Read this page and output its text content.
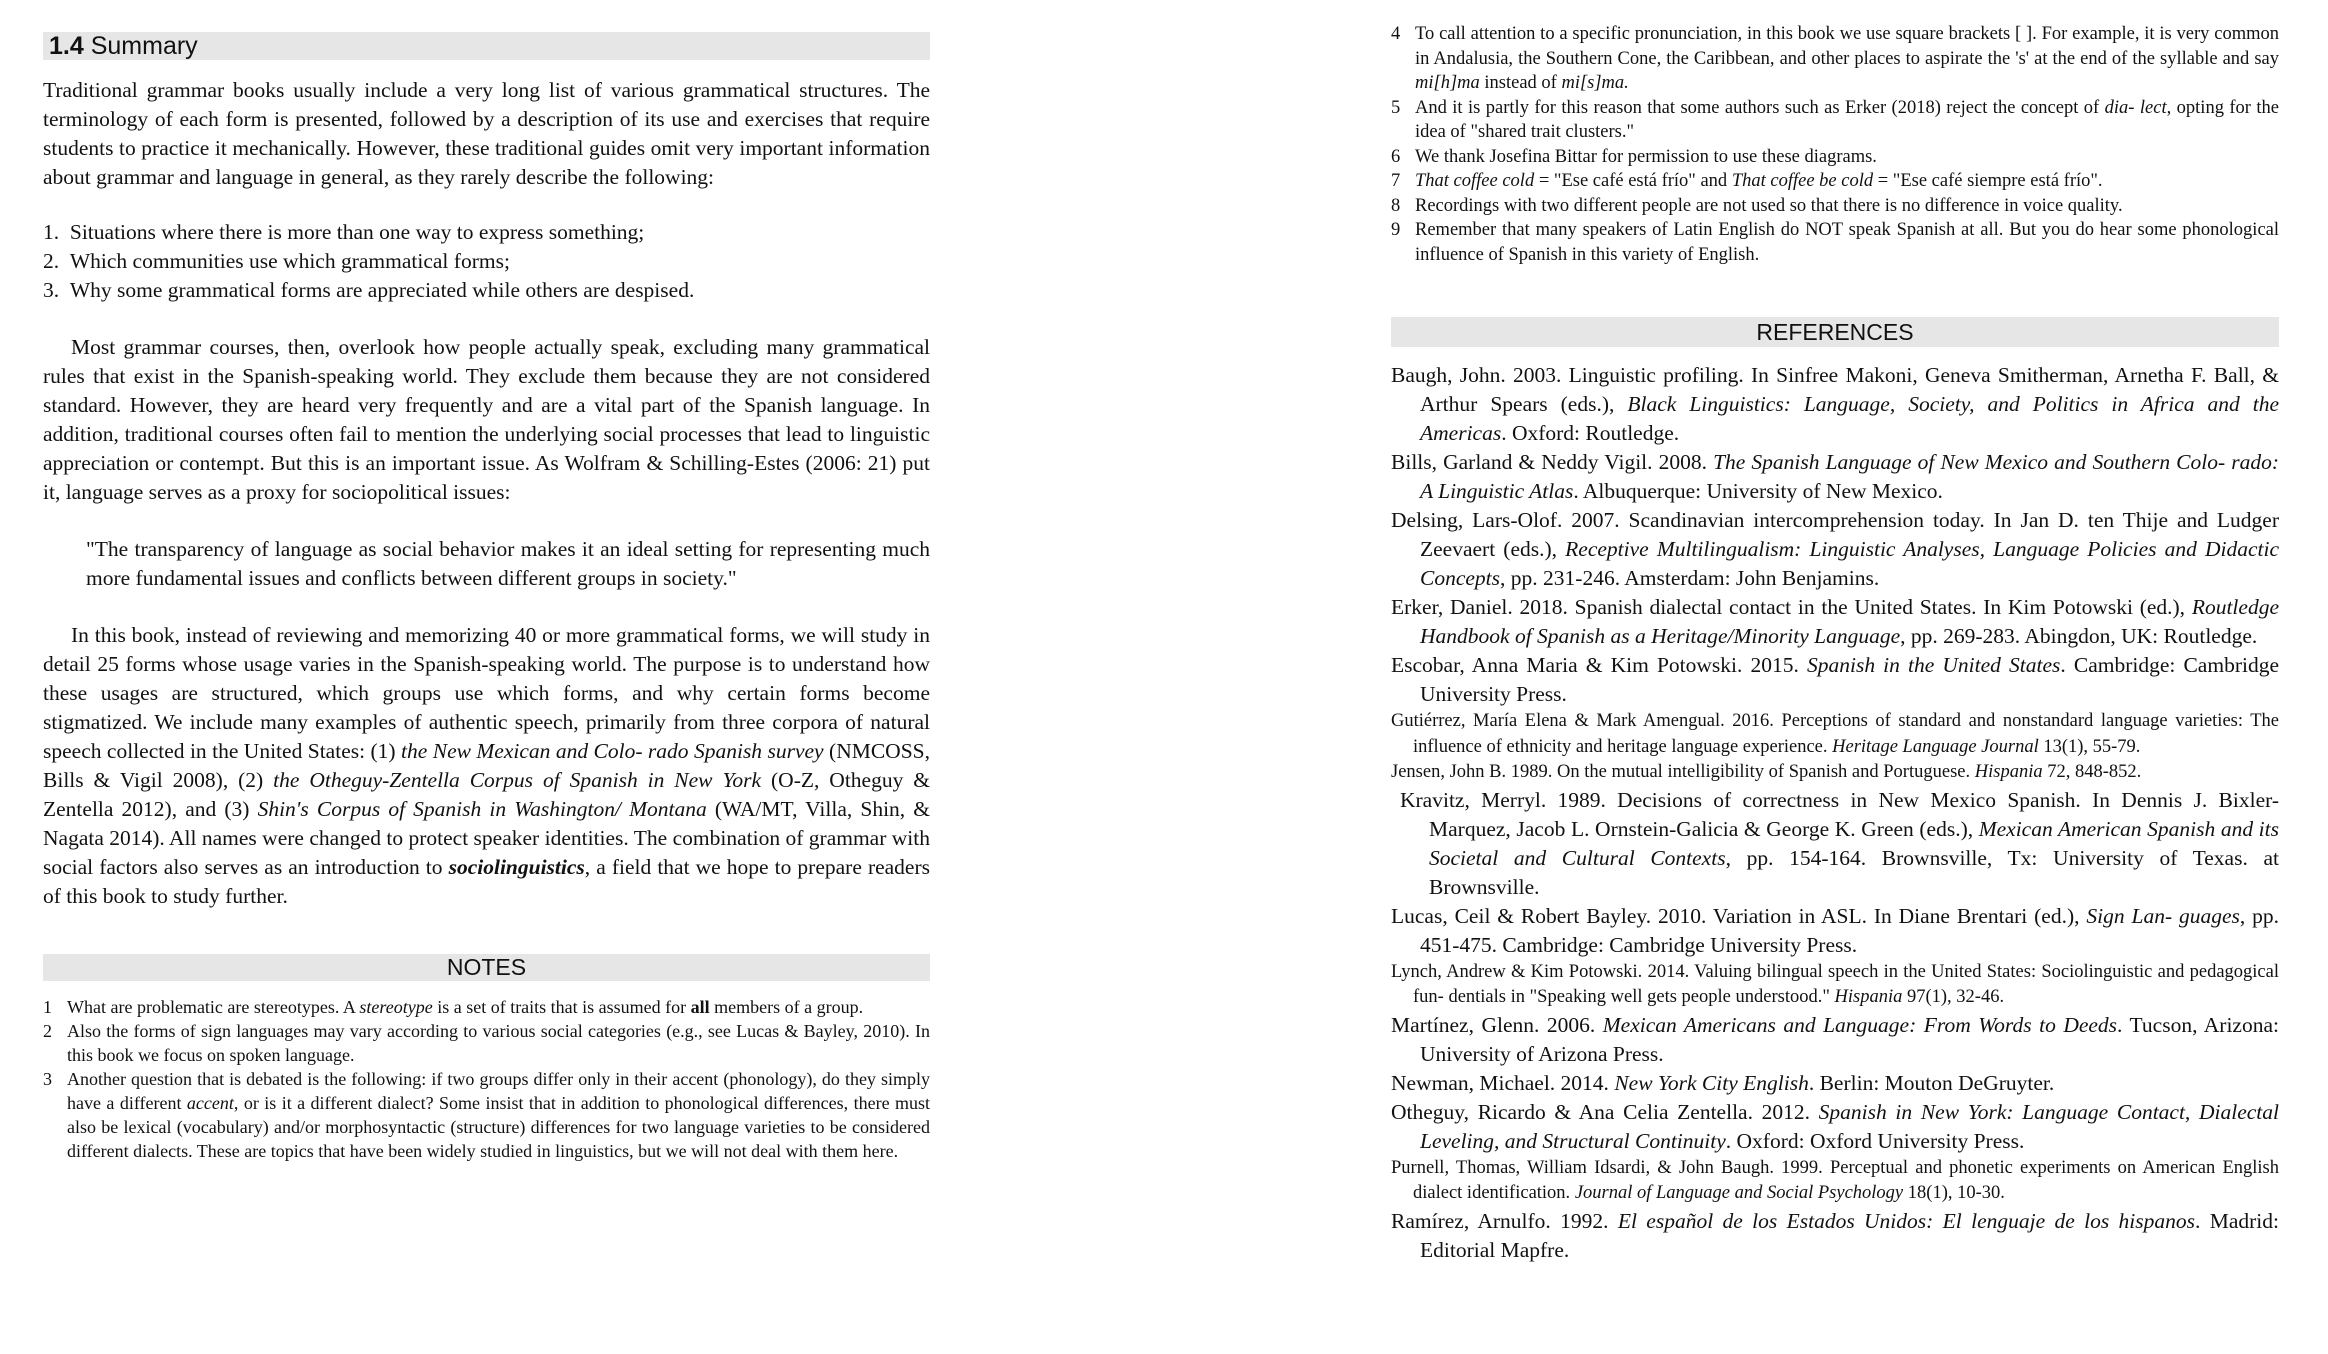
1.4 Summary

Traditional grammar books usually include a very long list of various grammatical structures. The terminology of each form is presented, followed by a description of its use and exercises that require students to practice it mechanically. However, these traditional guides omit very important information about grammar and language in general, as they rarely describe the following:

1.  Situations where there is more than one way to express something;
2.  Which communities use which grammatical forms;
3.  Why some grammatical forms are appreciated while others are despised.

Most grammar courses, then, overlook how people actually speak, excluding many grammatical rules that exist in the Spanish-speaking world. They exclude them because they are not considered standard. However, they are heard very frequently and are a vital part of the Spanish language. In addition, traditional courses often fail to mention the underlying social processes that lead to linguistic appreciation or contempt. But this is an important issue. As Wolfram & Schilling-Estes (2006: 21) put it, language serves as a proxy for sociopolitical issues:

"The transparency of language as social behavior makes it an ideal setting for representing much more fundamental issues and conflicts between different groups in society."

In this book, instead of reviewing and memorizing 40 or more grammatical forms, we will study in detail 25 forms whose usage varies in the Spanish-speaking world. The purpose is to understand how these usages are structured, which groups use which forms, and why certain forms become stigmatized. We include many examples of authentic speech, primarily from three corpora of natural speech collected in the United States: (1) the New Mexican and Colo- rado Spanish survey (NMCOSS, Bills & Vigil 2008), (2) the Otheguy-Zentella Corpus of Spanish in New York (O-Z, Otheguy & Zentella 2012), and (3) Shin's Corpus of Spanish in Washington/ Montana (WA/MT, Villa, Shin, & Nagata 2014). All names were changed to protect speaker identities. The combination of grammar with social factors also serves as an introduction to sociolinguistics, a field that we hope to prepare readers of this book to study further.

NOTES
1 What are problematic are stereotypes. A stereotype is a set of traits that is assumed for all members of a group.
2 Also the forms of sign languages may vary according to various social categories (e.g., see Lucas & Bayley, 2010). In this book we focus on spoken language.
3 Another question that is debated is the following: if two groups differ only in their accent (phonology), do they simply have a different accent, or is it a different dialect? Some insist that in addition to phonological differences, there must also be lexical (vocabulary) and/or morphosyntactic (structure) differences for two language varieties to be considered different dialects. These are topics that have been widely studied in linguistics, but we will not deal with them here.
4 To call attention to a specific pronunciation, in this book we use square brackets [ ]. For example, it is very common in Andalusia, the Southern Cone, the Caribbean, and other places to aspirate the 's' at the end of the syllable and say mi[h]ma instead of mi[s]ma.
5 And it is partly for this reason that some authors such as Erker (2018) reject the concept of dia- lect, opting for the idea of "shared trait clusters."
6 We thank Josefina Bittar for permission to use these diagrams.
7 That coffee cold = "Ese café está frío" and That coffee be cold = "Ese café siempre está frío".
8 Recordings with two different people are not used so that there is no difference in voice quality.
9 Remember that many speakers of Latin English do NOT speak Spanish at all. But you do hear some phonological influence of Spanish in this variety of English.
REFERENCES
Baugh, John. 2003. Linguistic profiling. In Sinfree Makoni, Geneva Smitherman, Arnetha F. Ball, & Arthur Spears (eds.), Black Linguistics: Language, Society, and Politics in Africa and the Americas. Oxford: Routledge.
Bills, Garland & Neddy Vigil. 2008. The Spanish Language of New Mexico and Southern Colo- rado: A Linguistic Atlas. Albuquerque: University of New Mexico.
Delsing, Lars-Olof. 2007. Scandinavian intercomprehension today. In Jan D. ten Thije and Ludger Zeevaert (eds.), Receptive Multilingualism: Linguistic Analyses, Language Policies and Didactic Concepts, pp. 231-246. Amsterdam: John Benjamins.
Erker, Daniel. 2018. Spanish dialectal contact in the United States. In Kim Potowski (ed.), Routledge Handbook of Spanish as a Heritage/Minority Language, pp. 269-283. Abingdon, UK: Routledge.
Escobar, Anna Maria & Kim Potowski. 2015. Spanish in the United States. Cambridge: Cambridge University Press.
Gutiérrez, María Elena & Mark Amengual. 2016. Perceptions of standard and nonstandard language varieties: The influence of ethnicity and heritage language experience. Heritage Language Journal 13(1), 55-79.
Jensen, John B. 1989. On the mutual intelligibility of Spanish and Portuguese. Hispania 72, 848-852.
Kravitz, Merryl. 1989. Decisions of correctness in New Mexico Spanish. In Dennis J. Bixler-Marquez, Jacob L. Ornstein-Galicia & George K. Green (eds.), Mexican American Spanish and its Societal and Cultural Contexts, pp. 154-164. Brownsville, Tx: University of Texas. at Brownsville.
Lucas, Ceil & Robert Bayley. 2010. Variation in ASL. In Diane Brentari (ed.), Sign Lan- guages, pp. 451-475. Cambridge: Cambridge University Press.
Lynch, Andrew & Kim Potowski. 2014. Valuing bilingual speech in the United States: Sociolinguistic and pedagogical fun- dentials in "Speaking well gets people understood." Hispania 97(1), 32-46.
Martínez, Glenn. 2006. Mexican Americans and Language: From Words to Deeds. Tucson, Arizona: University of Arizona Press.
Newman, Michael. 2014. New York City English. Berlin: Mouton DeGruyter.
Otheguy, Ricardo & Ana Celia Zentella. 2012. Spanish in New York: Language Contact, Dialectal Leveling, and Structural Continuity. Oxford: Oxford University Press.
Purnell, Thomas, William Idsardi, & John Baugh. 1999. Perceptual and phonetic experiments on American English dialect identification. Journal of Language and Social Psychology 18(1), 10-30.
Ramírez, Arnulfo. 1992. El español de los Estados Unidos: El lenguaje de los hispanos. Madrid: Editorial Mapfre.
